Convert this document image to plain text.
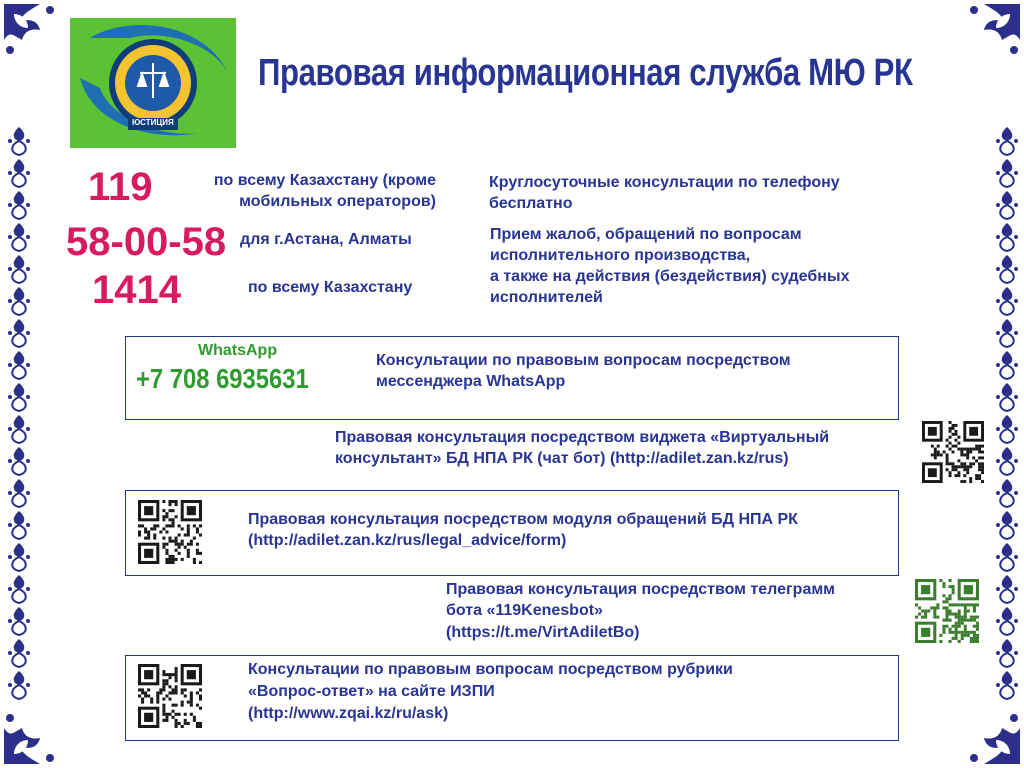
ЮСТИЦИЯ
Правовая информационная служба МЮ РК
119	по всему Казахстану (кроме мобильных операторов)
58-00-58 для г.Астана, Алматы
1414	по всему Казахстану
Круглосуточные консультации по телефону бесплатно
Прием жалоб, обращений по вопросам исполнительного производства,
а также на действия (бездействия) судебных исполнителей
WhatsApp
+7 708 6935631
Консультации по правовым вопросам посредством мессенджера WhatsApp
Правовая консультация посредством виджета «Виртуальный консультант» БД НПА РК (чат бот) (http://adilet.zan.kz/rus)
Правовая консультация посредством модуля обращений БД НПА РК (http://adilet.zan.kz/rus/legal_advice/form)
Правовая консультация посредством телеграмм
бота «119Kenesbot»
(https://t.me/VirtAdiletBo)
Консультации по правовым вопросам посредством рубрики
«Вопрос-ответ» на сайте ИЗПИ
(http://www.zqai.kz/ru/ask)
